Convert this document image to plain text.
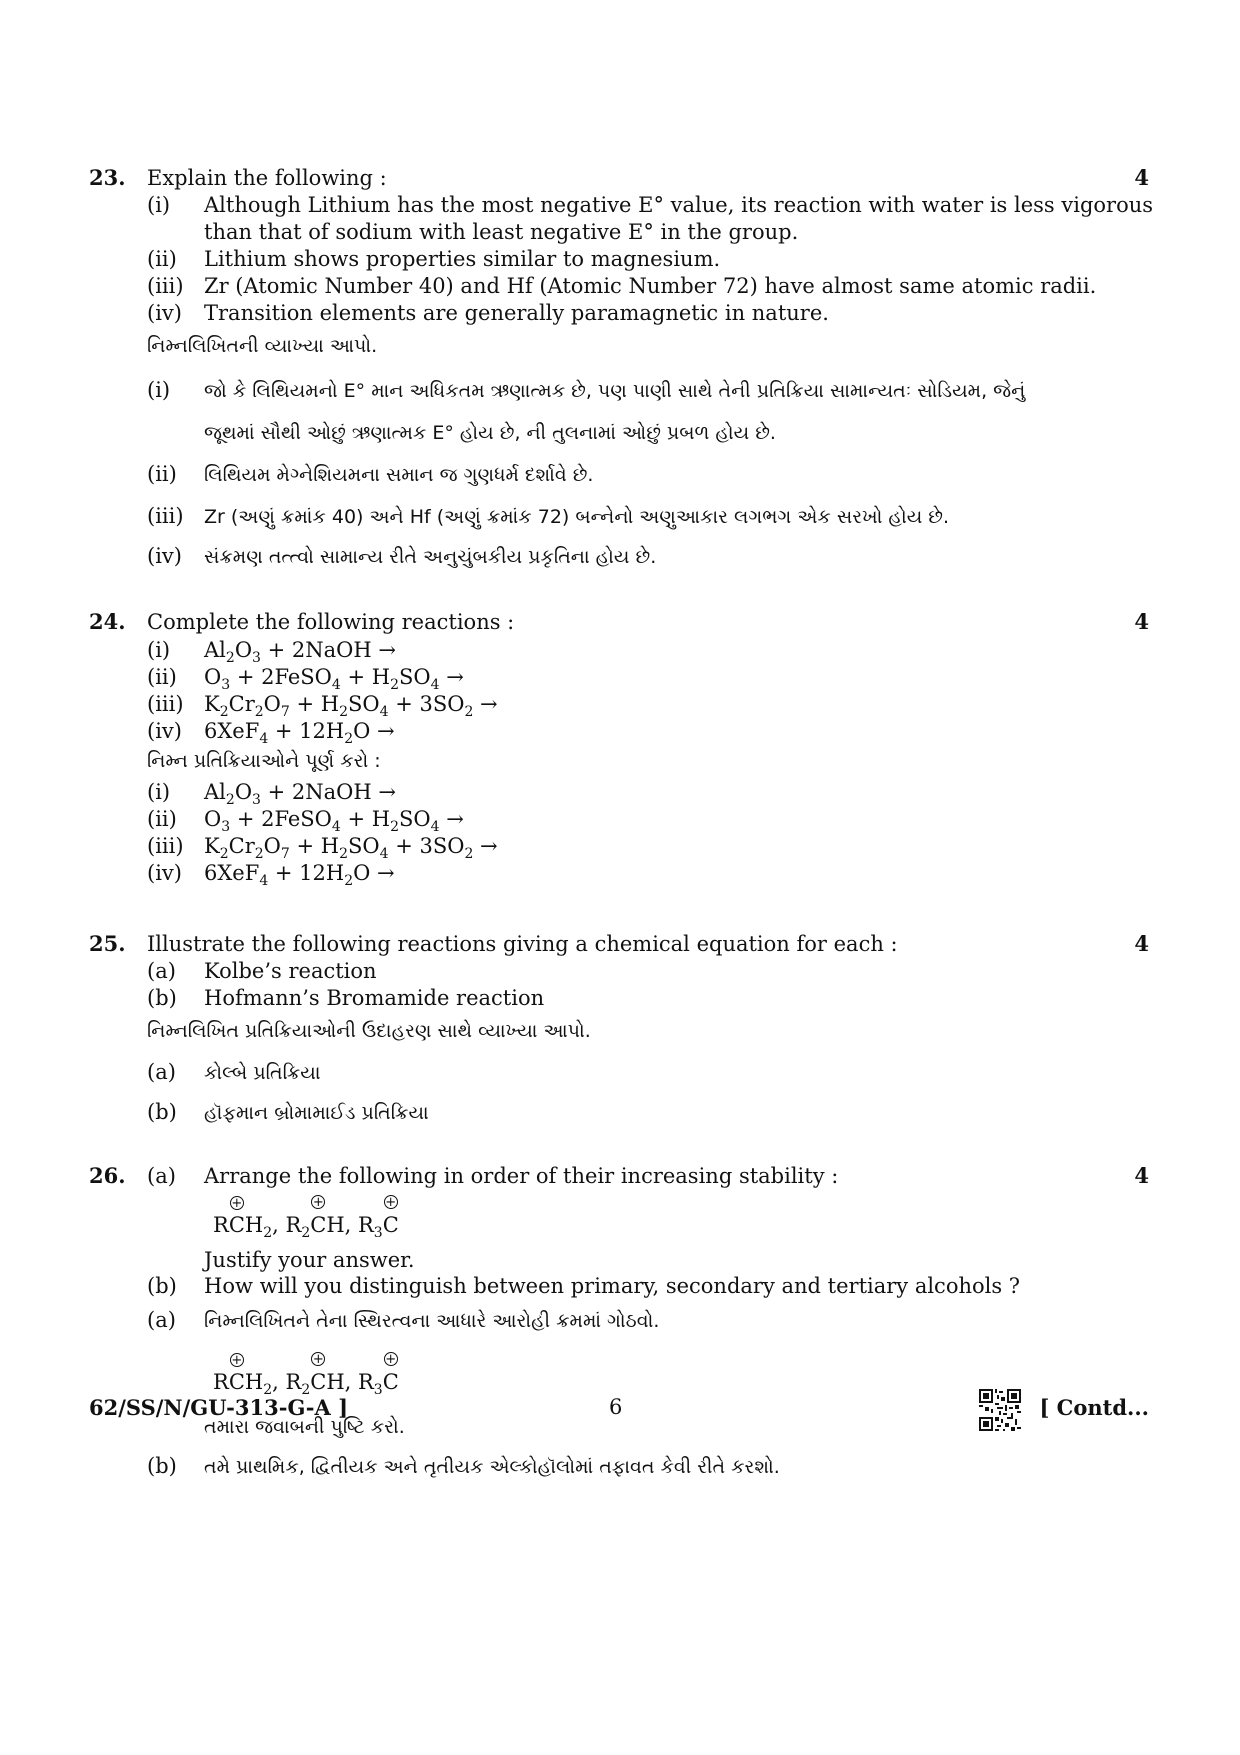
23.	4
Explain the following :
(i) Although Lithium has the most negative E° value, its reaction with water is less vigorous
than that of sodium with least negative E° in the group.
(ii) Lithium shows properties similar to magnesium.
(iii) Zr (Atomic Number 40) and Hf (Atomic Number 72) have almost same atomic radii.
(iv) Transition elements are generally paramagnetic in nature.
નિમ્નલિખિતની વ્યાખ્યા આપો.
(i) જો કે લિથિયમનો E° માન અધિકતમ ઋણાત્મક છે, પણ પાણી સાથે તેની પ્રતિક્રિયા સામાન્યતઃ સોડિયમ, જેનું
જૂથમાં સૌથી ઓછું ઋણાત્મક E° હોય છે, ની તુલનામાં ઓછું પ્રબળ હોય છે.
(ii) લિથિયમ મેગ્નેશિયમના સમાન જ ગુણધર્મ દર્શાવે છે.
(iii) Zr (અણું ક્રમાંક 40) અને Hf (અણું ક્રમાંક 72) બન્નેનો અણુઆકાર લગભગ એક સરખો હોય છે.
(iv) સંક્રમણ તત્ત્વો સામાન્ય રીતે અનુચુંબકીય પ્રકૃતિના હોય છે.
24.	4
Complete the following reactions :
(i) $Al_2O_3$ + 2NaOH →
(ii) $O_3$ + 2FeSO$_4$ + $H_2SO_4$ →
(iii) $K_2Cr_2O_7 + H_2SO_4 + 3SO_2$ →
(iv) $6XeF_4 + 12H_2O$ →
નિમ્ન પ્રતિક્રિયાઓને પૂર્ણ કરો :
(i) $Al_2O_3$ + 2NaOH →
(ii) $O_3$ + 2FeSO$_4$ + $H_2SO_4$ →
(iii) $K_2Cr_2O_7 + H_2SO_4 + 3SO_2$ →
(iv) $6XeF_4 + 12H_2O$ →
25.	4
Illustrate the following reactions giving a chemical equation for each :
(a) Kolbe’s reaction
(b) Hofmann’s Bromamide reaction
નિમ્નલિખિત પ્રતિક્રિયાઓની ઉદાહરણ સાથે વ્યાખ્યા આપો.
(a) કોલ્બે પ્રતિક્રિયા
(b) હૉફમાન બ્રોમામાઈડ પ્રતિક્રિયા
26.	4
(a) Arrange the following in order of their increasing stability :
RC
+
$H_2$, $R_2C$
+
H, $R_3C$
+
Justify your answer.
(b) How will you distinguish between primary, secondary and tertiary alcohols ?
(a) નિમ્નલિખિતને તેના સ્થિરત્વના આધારે આરોહી ક્રમમાં ગોઠવો.
RC
+
$H_2$, $R_2C$
+
H, $R_3C$
+
તમારા જવાબની પુષ્ટિ કરો.
(b) તમે પ્રાથમિક, દ્વિતીયક અને તૃતીયક એલ્કોહૉલોમાં તફાવત કેવી રીતે કરશો.
62/SS/N/GU-313-G-A ]	6	[ Contd...
